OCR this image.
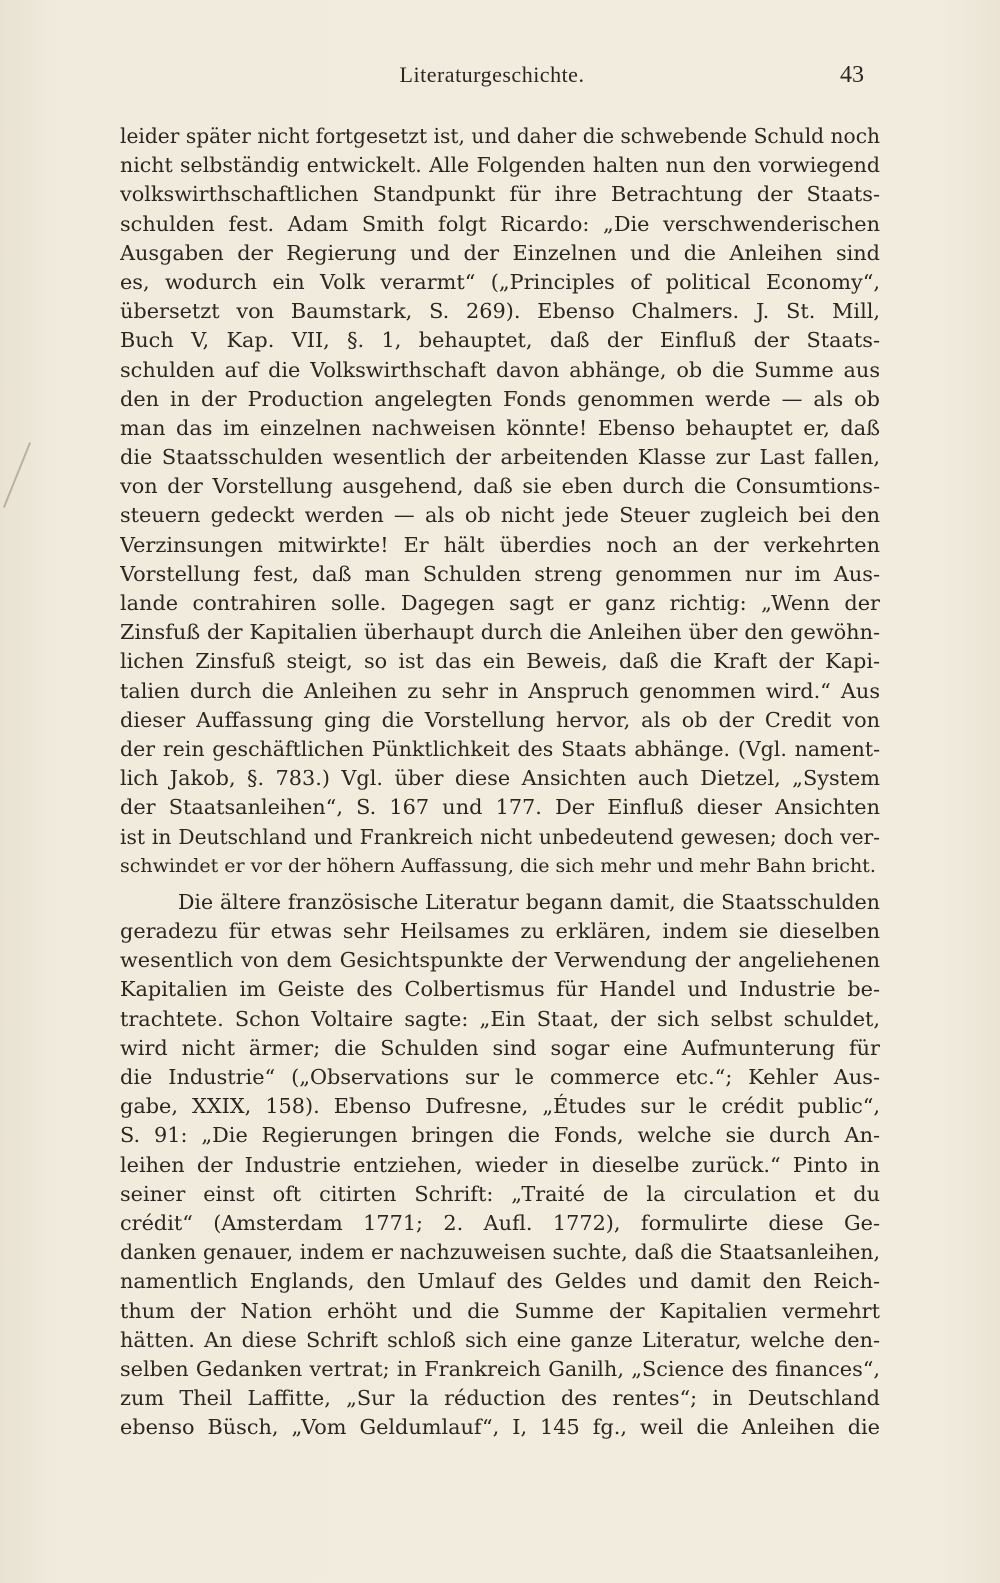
Literaturgeschichte.	43
leider später nicht fortgesetzt ist, und daher die schwebende Schuld noch
nicht selbständig entwickelt. Alle Folgenden halten nun den vorwiegend
volkswirthschaftlichen Standpunkt für ihre Betrachtung der Staats-
schulden fest. Adam Smith folgt Ricardo: „Die verschwenderischen
Ausgaben der Regierung und der Einzelnen und die Anleihen sind
es, wodurch ein Volk verarmt“ („Principles of political Economy“,
übersetzt von Baumstark, S. 269). Ebenso Chalmers. J. St. Mill,
Buch V, Kap. VII, §. 1, behauptet, daß der Einfluß der Staats-
schulden auf die Volkswirthschaft davon abhänge, ob die Summe aus
den in der Production angelegten Fonds genommen werde — als ob
man das im einzelnen nachweisen könnte! Ebenso behauptet er, daß
die Staatsschulden wesentlich der arbeitenden Klasse zur Last fallen,
von der Vorstellung ausgehend, daß sie eben durch die Consumtions-
steuern gedeckt werden — als ob nicht jede Steuer zugleich bei den
Verzinsungen mitwirkte! Er hält überdies noch an der verkehrten
Vorstellung fest, daß man Schulden streng genommen nur im Aus-
lande contrahiren solle. Dagegen sagt er ganz richtig: „Wenn der
Zinsfuß der Kapitalien überhaupt durch die Anleihen über den gewöhn-
lichen Zinsfuß steigt, so ist das ein Beweis, daß die Kraft der Kapi-
talien durch die Anleihen zu sehr in Anspruch genommen wird.“ Aus
dieser Auffassung ging die Vorstellung hervor, als ob der Credit von
der rein geschäftlichen Pünktlichkeit des Staats abhänge. (Vgl. nament-
lich Jakob, §. 783.) Vgl. über diese Ansichten auch Dietzel, „System
der Staatsanleihen“, S. 167 und 177. Der Einfluß dieser Ansichten
ist in Deutschland und Frankreich nicht unbedeutend gewesen; doch ver-
schwindet er vor der höhern Auffassung, die sich mehr und mehr Bahn bricht.
Die ältere französische Literatur begann damit, die Staatsschulden
geradezu für etwas sehr Heilsames zu erklären, indem sie dieselben
wesentlich von dem Gesichtspunkte der Verwendung der angeliehenen
Kapitalien im Geiste des Colbertismus für Handel und Industrie be-
trachtete. Schon Voltaire sagte: „Ein Staat, der sich selbst schuldet,
wird nicht ärmer; die Schulden sind sogar eine Aufmunterung für
die Industrie“ („Observations sur le commerce etc.“; Kehler Aus-
gabe, XXIX, 158). Ebenso Dufresne, „Études sur le crédit public“,
S. 91: „Die Regierungen bringen die Fonds, welche sie durch An-
leihen der Industrie entziehen, wieder in dieselbe zurück.“ Pinto in
seiner einst oft citirten Schrift: „Traité de la circulation et du
crédit“ (Amsterdam 1771; 2. Aufl. 1772), formulirte diese Ge-
danken genauer, indem er nachzuweisen suchte, daß die Staatsanleihen,
namentlich Englands, den Umlauf des Geldes und damit den Reich-
thum der Nation erhöht und die Summe der Kapitalien vermehrt
hätten. An diese Schrift schloß sich eine ganze Literatur, welche den-
selben Gedanken vertrat; in Frankreich Ganilh, „Science des finances“,
zum Theil Laffitte, „Sur la réduction des rentes“; in Deutschland
ebenso Büsch, „Vom Geldumlauf“, I, 145 fg., weil die Anleihen die
